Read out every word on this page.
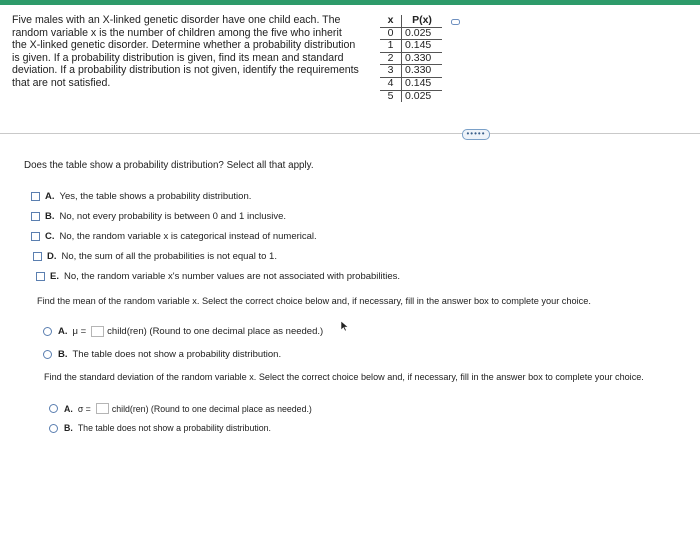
Five males with an X-linked genetic disorder have one child each. The
random variable x is the number of children among the five who inherit
the X-linked genetic disorder. Determine whether a probability distribution
is given. If a probability distribution is given, find its mean and standard
deviation. If a probability distribution is not given, identify the requirements
that are not satisfied.
x	P(x)
0	0.025
1	0.145
2	0.330
3	0.330
4	0.145
5	0.025
•••••
Does the table show a probability distribution? Select all that apply.
A. Yes, the table shows a probability distribution.
B. No, not every probability is between 0 and 1 inclusive.
C. No, the random variable x is categorical instead of numerical.
D. No, the sum of all the probabilities is not equal to 1.
E. No, the random variable x's number values are not associated with probabilities.
Find the mean of the random variable x. Select the correct choice below and, if necessary, fill in the answer box to complete your choice.
A. μ = child(ren) (Round to one decimal place as needed.)
B. The table does not show a probability distribution.
Find the standard deviation of the random variable x. Select the correct choice below and, if necessary, fill in the answer box to complete your choice.
A. σ = child(ren) (Round to one decimal place as needed.)
B. The table does not show a probability distribution.
